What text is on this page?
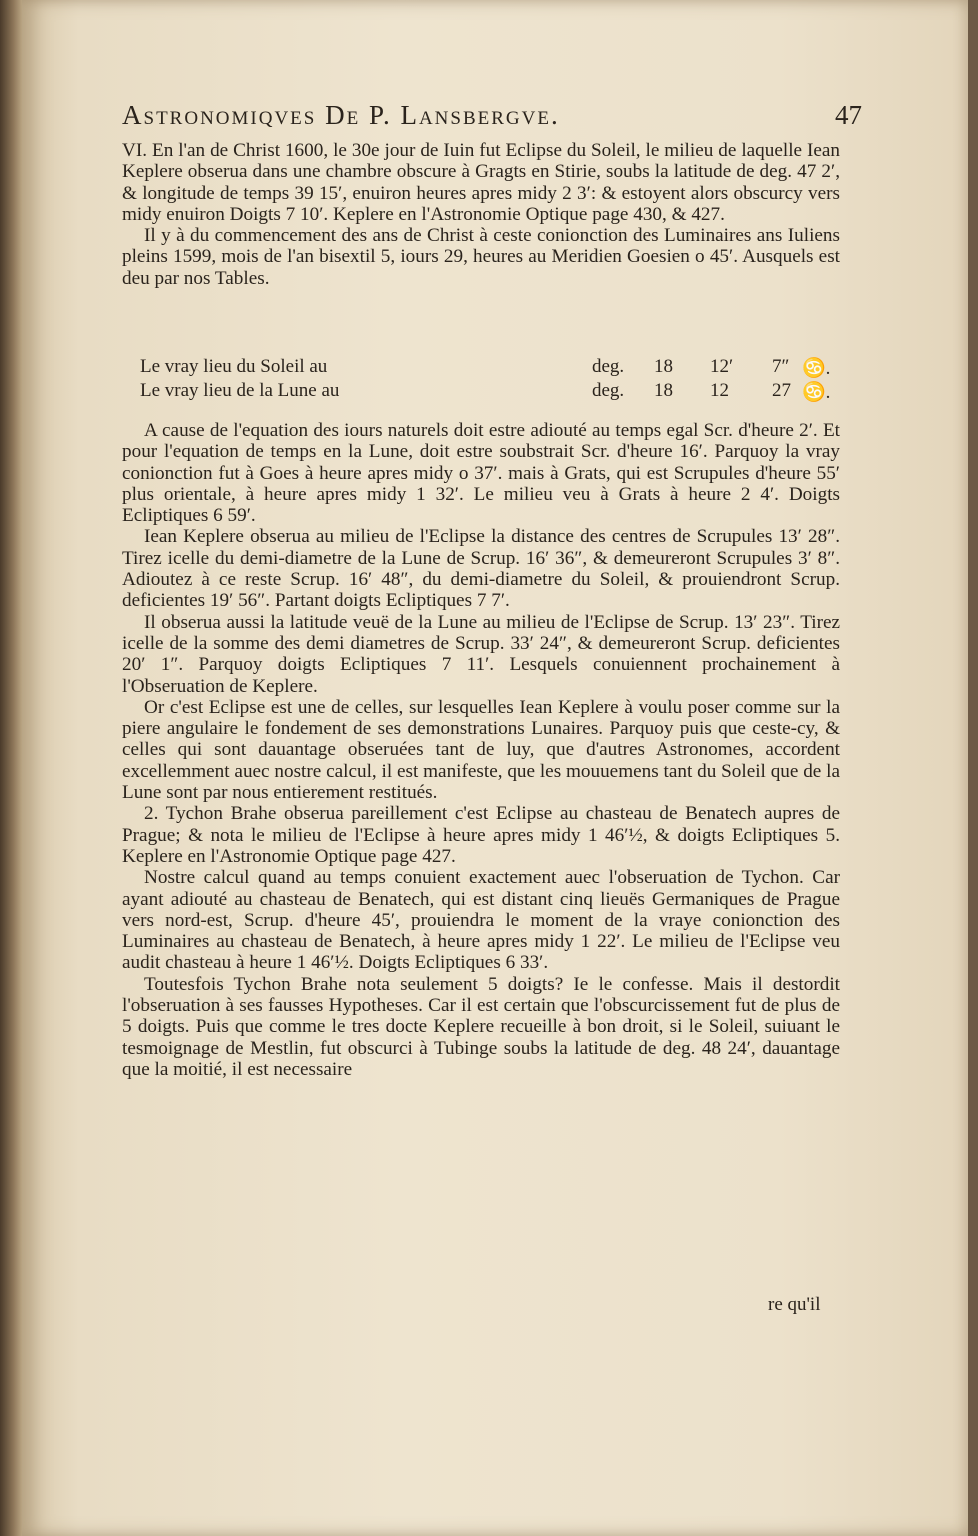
Astronomiqves De P. Lansbergve.	47

VI. En l'an de Christ 1600, le 30e jour de Iuin fut Eclipse du Soleil, le milieu de laquelle Iean Keplere obserua dans une chambre obscure à Gragts en Stirie, soubs la latitude de deg. 47 2′, & longitude de temps 39 15′, enuiron heures apres midy 2 3′: & estoyent alors obscurcy vers midy enuiron Doigts 7 10′. Keplere en l'Astronomie Optique page 430, & 427.

Il y à du commencement des ans de Christ à ceste conionction des Luminaires ans Iuliens pleins 1599, mois de l'an bisextil 5, iours 29, heures au Meridien Goesien o 45′. Ausquels est deu par nos Tables.

Le vray lieu du Soleil au	deg. 18 12′ 7″ ♋.
Le vray lieu de la Lune au	deg. 18 12 27 ♋.

A cause de l'equation des iours naturels doit estre adiouté au temps egal Scr. d'heure 2′. Et pour l'equation de temps en la Lune, doit estre soubstrait Scr. d'heure 16′. Parquoy la vray conionction fut à Goes à heure apres midy o 37′. mais à Grats, qui est Scrupules d'heure 55′ plus orientale, à heure apres midy 1 32′. Le milieu veu à Grats à heure 2 4′. Doigts Ecliptiques 6 59′.

Iean Keplere obserua au milieu de l'Eclipse la distance des centres de Scrupules 13′ 28″. Tirez icelle du demi-diametre de la Lune de Scrup. 16′ 36″, & demeureront Scrupules 3′ 8″. Adioutez à ce reste Scrup. 16′ 48″, du demi-diametre du Soleil, & prouiendront Scrup. deficientes 19′ 56″. Partant doigts Ecliptiques 7 7′.

Il obserua aussi la latitude veuë de la Lune au milieu de l'Eclipse de Scrup. 13′ 23″. Tirez icelle de la somme des demi diametres de Scrup. 33′ 24″, & demeureront Scrup. deficientes 20′ 1″. Parquoy doigts Ecliptiques 7 11′. Lesquels conuiennent prochainement à l'Obseruation de Keplere.

Or c'est Eclipse est une de celles, sur lesquelles Iean Keplere à voulu poser comme sur la piere angulaire le fondement de ses demonstrations Lunaires. Parquoy puis que ceste-cy, & celles qui sont dauantage obseruées tant de luy, que d'autres Astronomes, accordent excellemment auec nostre calcul, il est manifeste, que les mouuemens tant du Soleil que de la Lune sont par nous entierement restitués.

2. Tychon Brahe obserua pareillement c'est Eclipse au chasteau de Benatech aupres de Prague; & nota le milieu de l'Eclipse à heure apres midy 1 46′½, & doigts Ecliptiques 5. Keplere en l'Astronomie Optique page 427.

Nostre calcul quand au temps conuient exactement auec l'obseruation de Tychon. Car ayant adiouté au chasteau de Benatech, qui est distant cinq lieuës Germaniques de Prague vers nord-est, Scrup. d'heure 45′, prouiendra le moment de la vraye conionction des Luminaires au chasteau de Benatech, à heure apres midy 1 22′. Le milieu de l'Eclipse veu audit chasteau à heure 1 46′½. Doigts Ecliptiques 6 33′.

Toutesfois Tychon Brahe nota seulement 5 doigts? Ie le confesse. Mais il destordit l'obseruation à ses fausses Hypotheses. Car il est certain que l'obscurcissement fut de plus de 5 doigts. Puis que comme le tres docte Keplere recueille à bon droit, si le Soleil, suiuant le tesmoignage de Mestlin, fut obscurci à Tubinge soubs la latitude de deg. 48 24′, dauantage que la moitié, il est necessaire

re qu'il
